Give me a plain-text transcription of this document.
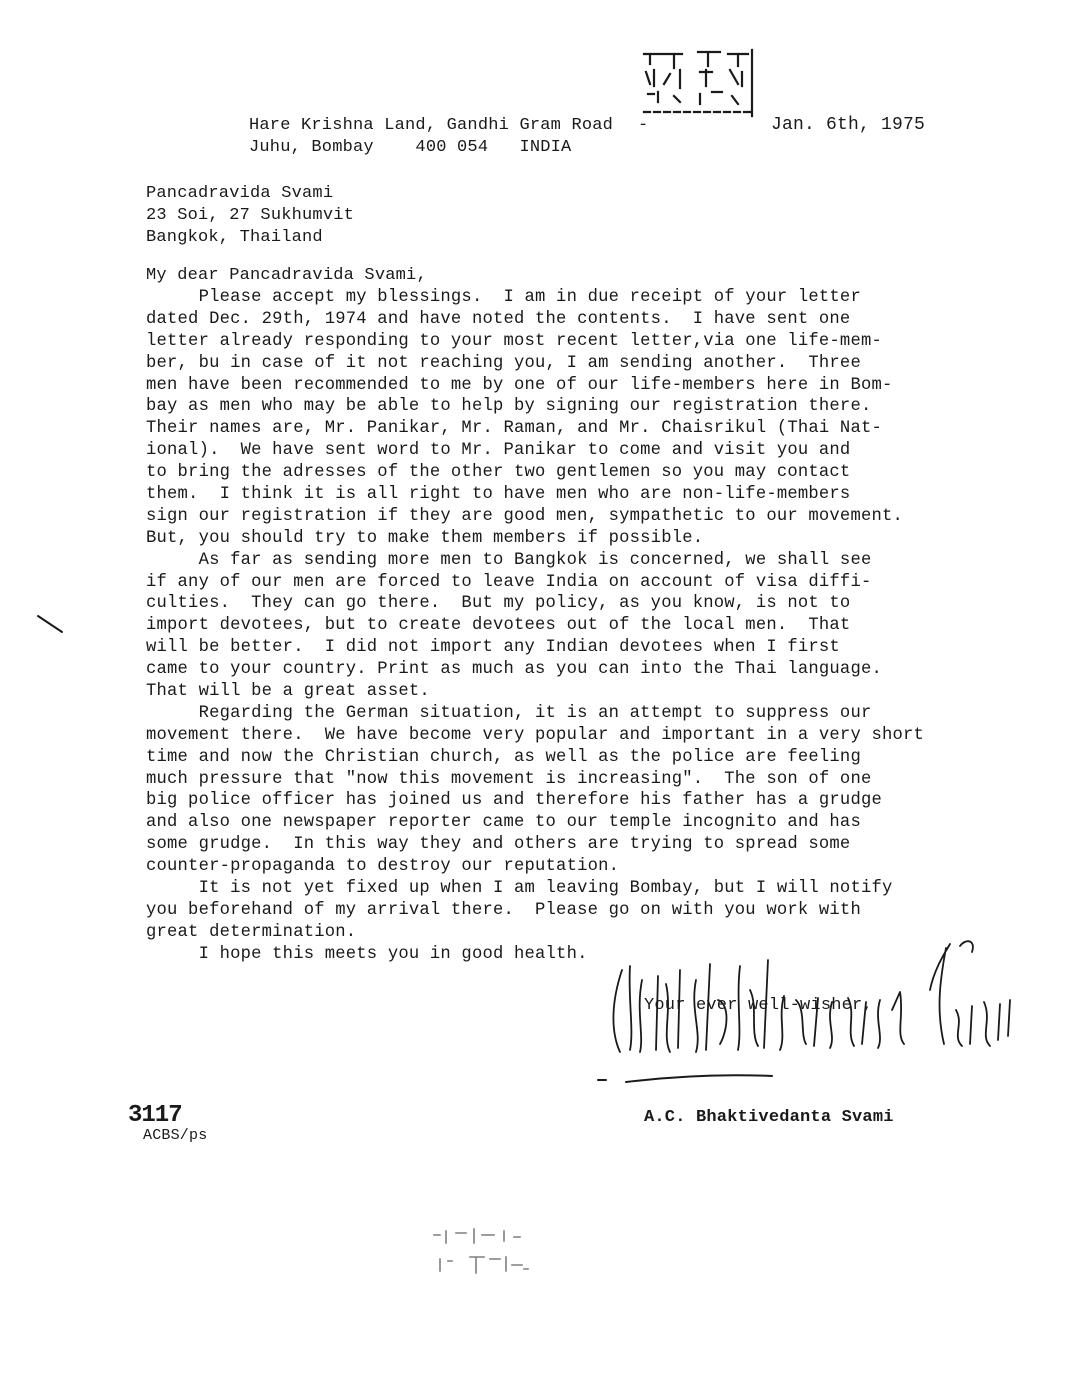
Hare Krishna Land, Gandhi Gram Road -	Jan. 6th, 1975
Juhu, Bombay    400 054   INDIA
Pancadravida Svami
23 Soi, 27 Sukhumvit
Bangkok, Thailand
My dear Pancadravida Svami,
Please accept my blessings.  I am in due receipt of your letter
dated Dec. 29th, 1974 and have noted the contents.  I have sent one
letter already responding to your most recent letter,via one life-mem-
ber, bu in case of it not reaching you, I am sending another.  Three
men have been recommended to me by one of our life-members here in Bom-
bay as men who may be able to help by signing our registration there.
Their names are, Mr. Panikar, Mr. Raman, and Mr. Chaisrikul (Thai Nat-
ional).  We have sent word to Mr. Panikar to come and visit you and
to bring the adresses of the other two gentlemen so you may contact
them.  I think it is all right to have men who are non-life-members
sign our registration if they are good men, sympathetic to our movement.
But, you should try to make them members if possible.
As far as sending more men to Bangkok is concerned, we shall see
if any of our men are forced to leave India on account of visa diffi-
culties.  They can go there.  But my policy, as you know, is not to
import devotees, but to create devotees out of the local men.  That
will be better.  I did not import any Indian devotees when I first
came to your country. Print as much as you can into the Thai language.
That will be a great asset.
Regarding the German situation, it is an attempt to suppress our
movement there.  We have become very popular and important in a very short
time and now the Christian church, as well as the police are feeling
much pressure that "now this movement is increasing".  The son of one
big police officer has joined us and therefore his father has a grudge
and also one newspaper reporter came to our temple incognito and has
some grudge.  In this way they and others are trying to spread some
counter-propaganda to destroy our reputation.
It is not yet fixed up when I am leaving Bombay, but I will notify
you beforehand of my arrival there.  Please go on with you work with
great determination.
I hope this meets you in good health.
Your ever well-wisher,
A.C. Bhaktivedanta Svami
3117
ACBS/ps
